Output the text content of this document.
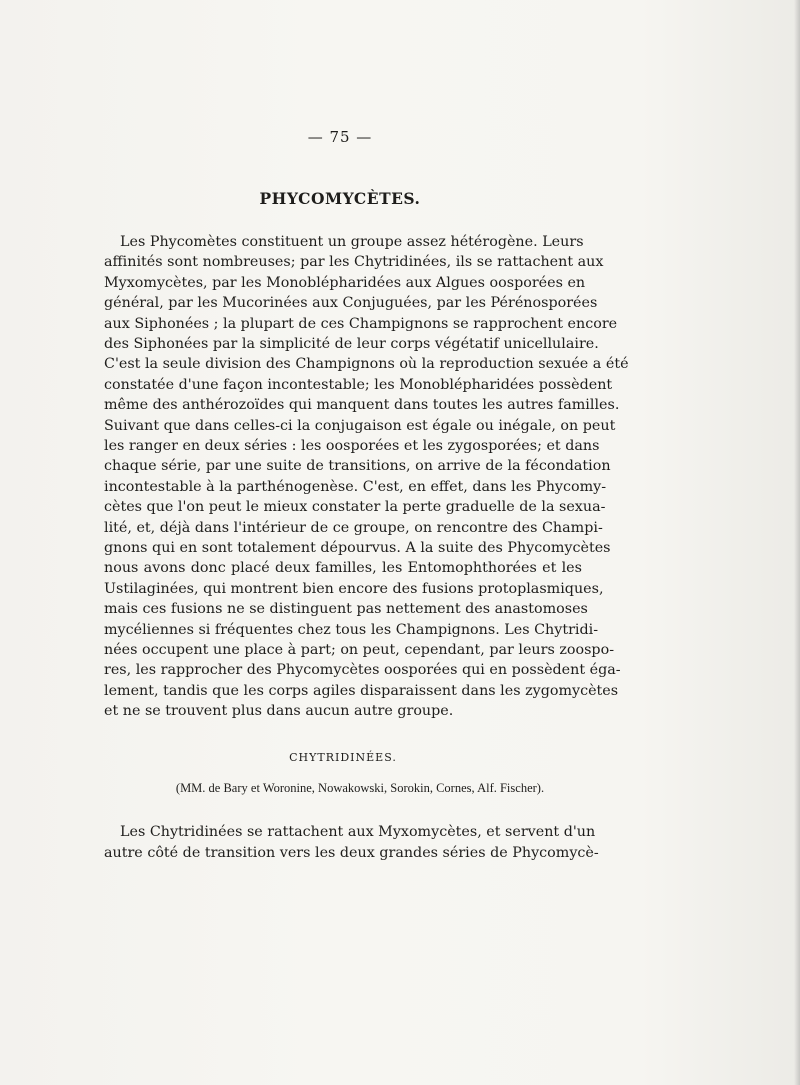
— 75 —
PHYCOMYCÈTES.
Les Phycomètes constituent un groupe assez hétérogène. Leurs
affinités sont nombreuses; par les Chytridinées, ils se rattachent aux
Myxomycètes, par les Monoblépharidées aux Algues oosporées en
général, par les Mucorinées aux Conjuguées, par les Pérénosporées
aux Siphonées ; la plupart de ces Champignons se rapprochent encore
des Siphonées par la simplicité de leur corps végétatif unicellulaire.
C'est la seule division des Champignons où la reproduction sexuée a été
constatée d'une façon incontestable; les Monoblépharidées possèdent
même des anthérozoïdes qui manquent dans toutes les autres familles.
Suivant que dans celles-ci la conjugaison est égale ou inégale, on peut
les ranger en deux séries : les oosporées et les zygosporées; et dans
chaque série, par une suite de transitions, on arrive de la fécondation
incontestable à la parthénogenèse. C'est, en effet, dans les Phycomy-
cètes que l'on peut le mieux constater la perte graduelle de la sexua-
lité, et, déjà dans l'intérieur de ce groupe, on rencontre des Champi-
gnons qui en sont totalement dépourvus. A la suite des Phycomycètes
nous avons donc placé deux familles, les Entomophthorées et les
Ustilaginées, qui montrent bien encore des fusions protoplasmiques,
mais ces fusions ne se distinguent pas nettement des anastomoses
mycéliennes si fréquentes chez tous les Champignons. Les Chytridi-
nées occupent une place à part; on peut, cependant, par leurs zoospo-
res, les rapprocher des Phycomycètes oosporées qui en possèdent éga-
lement, tandis que les corps agiles disparaissent dans les zygomycètes
et ne se trouvent plus dans aucun autre groupe.
CHYTRIDINÉES.
(MM. de Bary et Woronine, Nowakowski, Sorokin, Cornes, Alf. Fischer).
Les Chytridinées se rattachent aux Myxomycètes, et servent d'un
autre côté de transition vers les deux grandes séries de Phycomycè-
